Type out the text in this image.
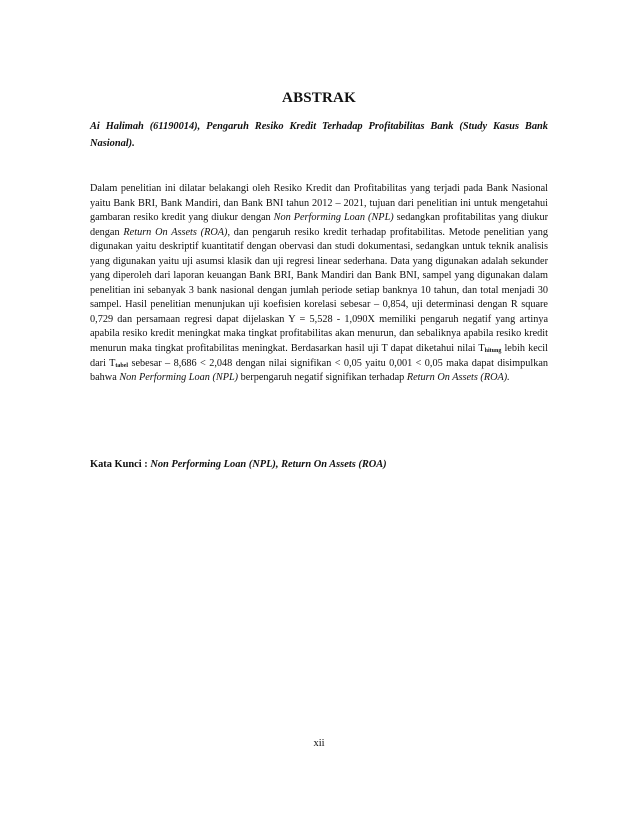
ABSTRAK
Ai Halimah (61190014), Pengaruh Resiko Kredit Terhadap Profitabilitas Bank (Study Kasus Bank Nasional).

Dalam penelitian ini dilatar belakangi oleh Resiko Kredit dan Profitabilitas yang terjadi pada Bank Nasional yaitu Bank BRI, Bank Mandiri, dan Bank BNI tahun 2012 – 2021, tujuan dari penelitian ini untuk mengetahui gambaran resiko kredit yang diukur dengan Non Performing Loan (NPL) sedangkan profitabilitas yang diukur dengan Return On Assets (ROA), dan pengaruh resiko kredit terhadap profitabilitas. Metode penelitian yang digunakan yaitu deskriptif kuantitatif dengan obervasi dan studi dokumentasi, sedangkan untuk teknik analisis yang digunakan yaitu uji asumsi klasik dan uji regresi linear sederhana. Data yang digunakan adalah sekunder yang diperoleh dari laporan keuangan Bank BRI, Bank Mandiri dan Bank BNI, sampel yang digunakan dalam penelitian ini sebanyak 3 bank nasional dengan jumlah periode setiap banknya 10 tahun, dan total menjadi 30 sampel. Hasil penelitian menunjukan uji koefisien korelasi sebesar – 0,854, uji determinasi dengan R square 0,729 dan persamaan regresi dapat dijelaskan Y = 5,528 - 1,090X memiliki pengaruh negatif yang artinya apabila resiko kredit meningkat maka tingkat profitabilitas akan menurun, dan sebaliknya apabila resiko kredit menurun maka tingkat profitabilitas meningkat. Berdasarkan hasil uji T dapat diketahui nilai $T_{hitung}$ lebih kecil dari $T_{tabel}$ sebesar – 8,686 < 2,048 dengan nilai signifikan < 0,05 yaitu 0,001 < 0,05 maka dapat disimpulkan bahwa Non Performing Loan (NPL) berpengaruh negatif signifikan terhadap Return On Assets (ROA).

Kata Kunci : Non Performing Loan (NPL), Return On Assets (ROA)
xii
